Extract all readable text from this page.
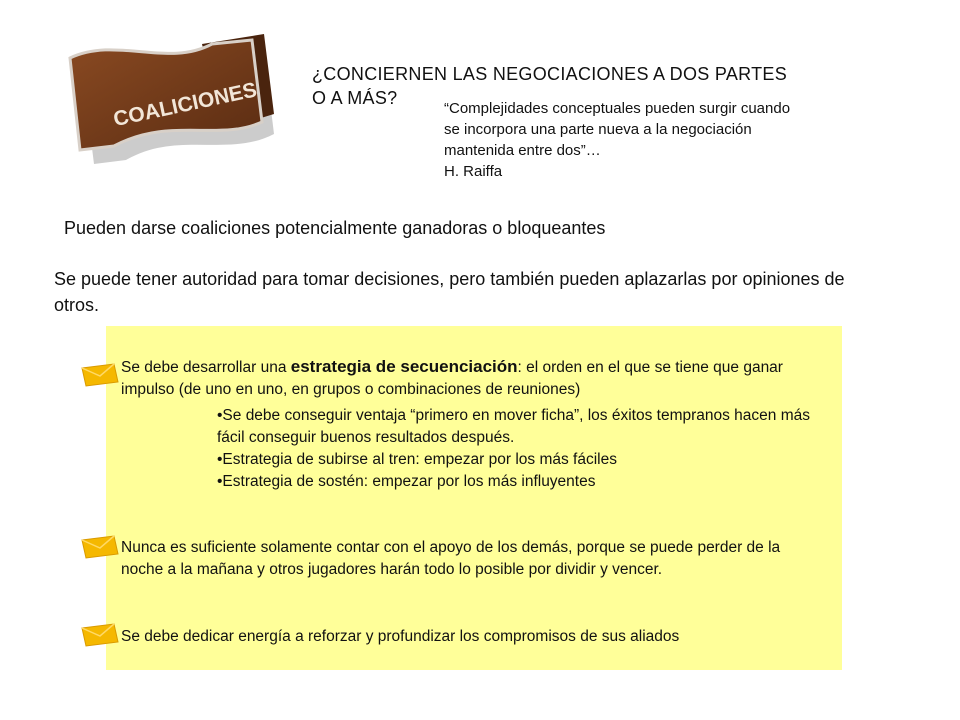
COALICIONES
¿CONCIERNEN LAS NEGOCIACIONES A DOS PARTES
O A MÁS?
“Complejidades conceptuales pueden surgir cuando
se incorpora una parte nueva a la negociación
mantenida entre dos”…
H. Raiffa
Pueden darse coaliciones potencialmente ganadoras o bloqueantes
Se puede tener autoridad para tomar decisiones, pero también pueden aplazarlas por opiniones de otros.
Se debe desarrollar una estrategia de secuenciación: el orden en el que se tiene que ganar impulso (de uno en uno, en grupos o combinaciones de reuniones)
•Se debe conseguir ventaja “primero en mover ficha”, los éxitos tempranos hacen más fácil conseguir buenos resultados después.
•Estrategia de subirse al tren: empezar por los más fáciles
•Estrategia de sostén: empezar por los más influyentes
Nunca es suficiente solamente contar con el apoyo de los demás, porque se puede perder de la noche a la mañana y otros jugadores harán todo lo posible por dividir y vencer.
Se debe dedicar energía a reforzar y profundizar los compromisos de sus aliados
